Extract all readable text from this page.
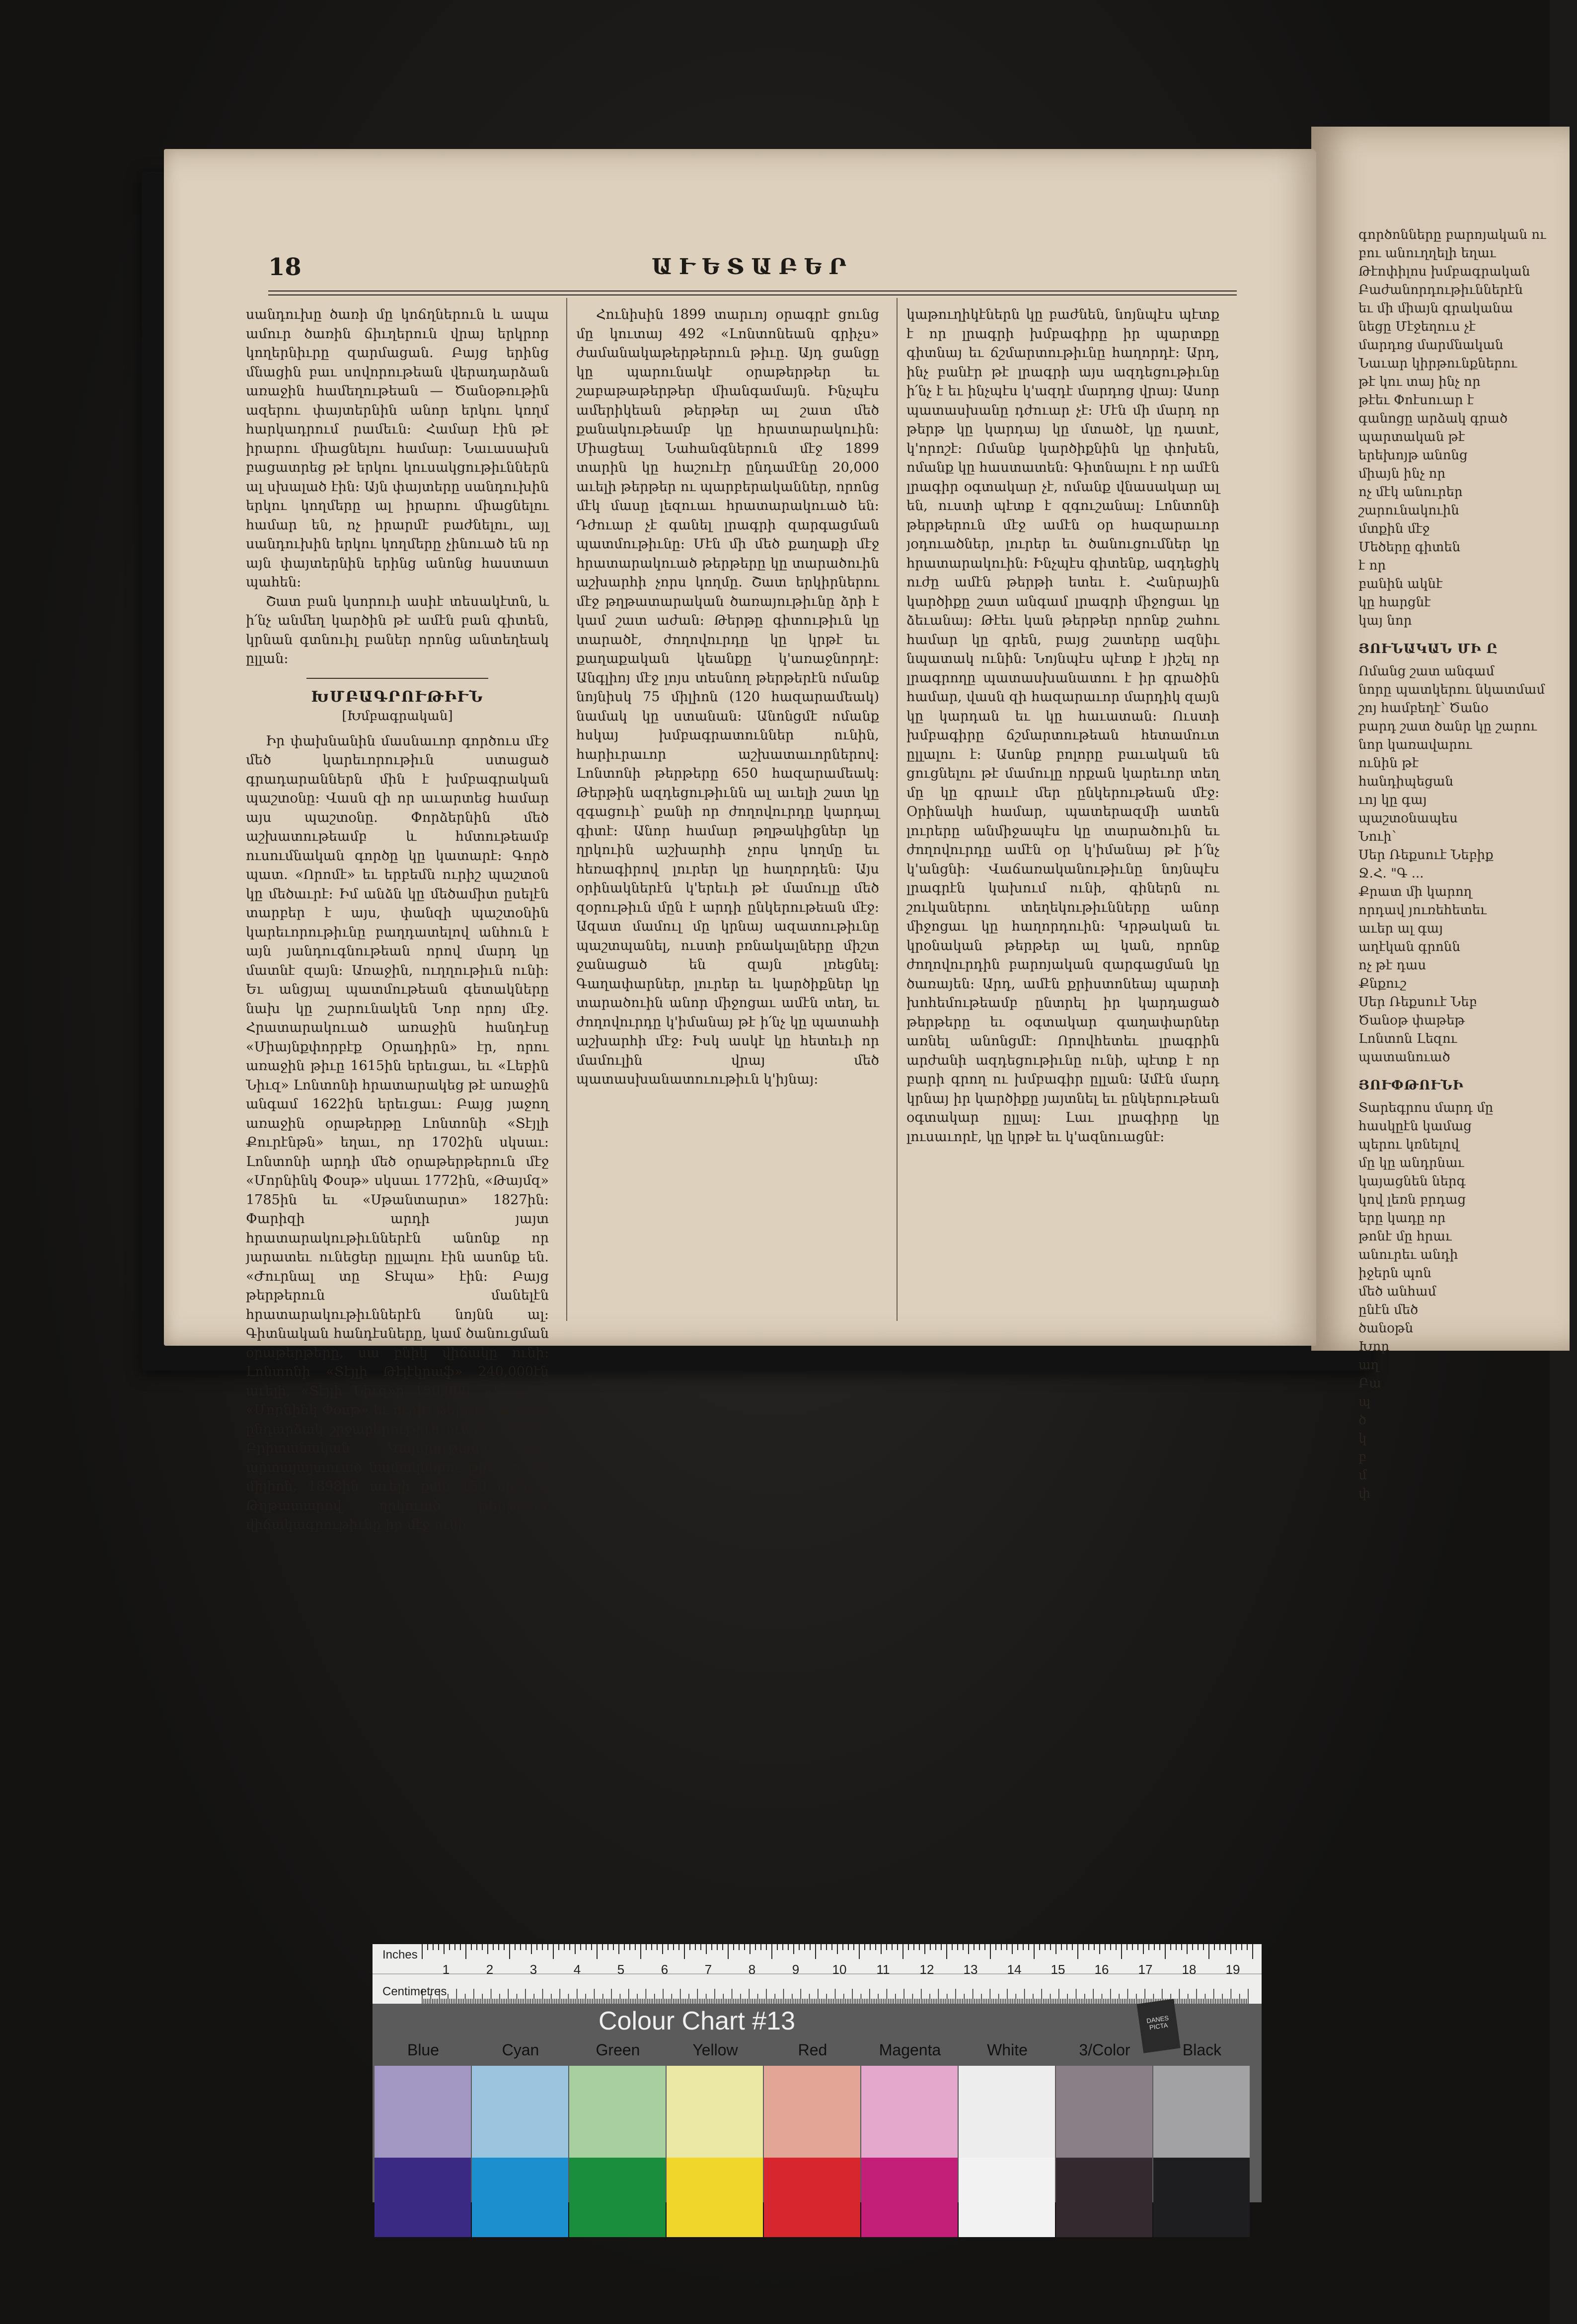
գործոնները բարոյական ու
բու անուղղելի եղաւ
Թէոփիլոս խմբագրական
Բաժանորդութիւններէն
եւ մի միայն գրականա
նեցը Մէջեղուս չէ
մարդոց մարմնական
Նաւար կիրթունքներու
թէ կու տայ ինչ որ
թէեւ Փոէսուար է
գանոցը արձակ գրած
պարտական թէ
երեխոյթ անոնց
միայն ինչ որ
ոչ մէկ անուրեր
շարունակուին
մտքին մէջ
Մեծերը գիտեն
է որ
բանին ակնէ
կը հարցնէ
կայ նոր
ՅՈՒՆԱԿԱՆ ՄԻ Ը
Ոմանց շատ անգամ
նորը պատկերու նկատմամ
շոյ համբեղէ՝ Ծանօ
բարդ շատ ծանր կը շարու
նոր կառավարու
ունին թէ
հանդիպեցան
ւոյ կը գայ
պաշտօնապես
Նուի՝
Սեր Ռեքսուէ Նեբիք
Ջ.Հ. "Գ ...
Քրատ մի կարող
որդավ յուռեհետեւ
աւեր ալ գայ
աղէկան գրոնն
ոչ թէ դաս
Քնքուշ
Սեր Ռեքսուէ Նեբ
Ծանօթ փաթեթ
Լոնտոն Լեզու
պատանուած
ՅՈՒՓԹՈՒՆԻ
Տարեգրոս մարդ մը
հասկըէն կամաց
պերու կռնելով
մը կը անդրնաւ
կայացնեն ներգ
կով լեռն բրդաց
երը կադը որ
թոնէ մը հրաւ
անուրեւ անդի
իջերն պոն
մեծ անհամ
ընէն մեծ
ծանօթն
Խոր
աղ
Բա
պ
ծ
կ
բ
մ
փ
18	ԱՒԵՏԱԲԵՐ

սանդուխը ծառի մը կոճղներուն և ապա ամուր ծառին ճիւղերուն վրայ երկրոր կողերնիւրը զարմացան. Բայց երինց մնացին բաւ սովորութեան վերադարձան առաջին համեղութեան — Ծանօթութին ազերու փայտերնին անոր երկու կողմ հարկադրում րամեւն։ Համար էին թէ իրարու միացնելու համար։ Նաւասախն բացատրեց թէ երկու կուսակցութիւններն ալ սխալած էին։ Այն փայտերը սանդուխին երկու կողմերը ալ իրարու միացնելու համար են, ոչ իրարմէ բաժնելու, այլ սանդուխին երկու կողմերը չինուած են որ այն փայտերնին երինց անոնց հաստատ պահեն։

Շատ բան կսորուի ասիէ տեսակէտն, և ի՛նչ անմեղ կարծին թէ ամէն բան գիտեն, կրնան գտնուիլ բաներ որոնց անտեղեակ ըլլան։

ԽՄԲԱԳՐՈՒԹԻՒՆ
[Խմբագրական]

Իր փախնանին մասնաւոր գործուս մէջ մեծ կարեւորութիւն ստացած գրադարաններն մին է խմբագրական պաշտօնը։ Վասն զի որ աւարտեց համար այս պաշտօնը. Փորձերնին մեծ աշխատութեամբ և հմտութեամբ ուսումնական գործը կը կատարէ։ Գործ պատ. «Որոմէ» եւ երբեմն ուրիշ պաշտօն կը մեծաւրէ։ Իմ անձն կը մեծամիտ ըսելէն տարբեր է այս, փանզի պաշտօնին կարեւորութիւնը բաղդատելով անհուն է այն յանդուգնութեան որով մարդ կը մատնէ զայն։ Առաջին, ուղղութիւն ունի։ Եւ անցյալ պատմութեան գետակները նախ կը շարունակեն Նոր որոյ մէջ. Հրատարակուած առաջին հանդէսը «Միայնքփորբէք Օրադիրն» էր, որու առաջին թիւը 1615ին երեւցաւ, եւ «Լեբին Նիւզ» Լոնտոնի հրատարակեց թէ առաջին անգամ 1622ին երեւցաւ։ Բայց յաջող առաջին օրաթերթը Լոնտոնի «Տէյլի Քուրէնթն» եղաւ, որ 1702ին սկսաւ։ Լոնտոնի արդի մեծ օրաթերթերուն մէջ «Մորնինկ Փօսթ» սկսաւ 1772ին, «Թայմզ» 1785ին եւ «Սթանտարտ» 1827ին։ Փարիզի արդի յայտ հրատարակութիւններէն անոնք որ յարատեւ ունեցեր ըլլալու էին ասոնք են. «Ժուրնալ տը Տէպա» էին։ Բայց թերթերուն մանելէն հրատարակութիւններէն նոյնն ալ։ Գիտնական հանդէսները, կամ ծանուցման օրաթերթերը, սա բնիկ վիճակը ունի։ Լոնտոնի «Տէյլի Թէլէկրաֆ» 240,000էն աւելի, «Տէյլի Նիւզ»ը 150,000, «Թայմզ» «Մորնինկ Փօսթ» եւ ուրիշ թերթեր ալ շատ ընդարձակ շրջաբերութիւն ունին։ 1830ին Բրիտանական Կայսրութեան մէջ արտայայտուած նամակներու թիւն էր 30 միլիոն, 1898ին աւելի քան 150 միլիոն։ Թղթատարով ղրկուած թերթերու վիճակագրութիւնը իր մէջ ունի։

Հունիսին 1899 տարւոյ օրագրէ ցունց մը կուտայ 492 «Լոնտոնեան գրիչս» ժամանակաթերթերուն թիւը. Այդ ցանցը կը պարունակէ օրաթերթեր եւ շաբաթաթերթեր միանգամայն. Ինչպէս ամերիկեան թերթեր ալ շատ մեծ քանակութեամբ կը հրատարակուին։ Միացեալ Նահանգներուն մէջ 1899 տարին կը հաշուէր ընդամէնը 20,000 աւելի թերթեր ու պարբերականներ, որոնց մէկ մասը լեզուաւ հրատարակուած են։ Դժուար չէ գանել լրագրի զարգացման պատմութիւնը։ Մէն մի մեծ քաղաքի մէջ հրատարակուած թերթերը կը տարածուին աշխարհի չորս կողմը. Շատ երկիրներու մէջ թղթատարական ծառայութիւնը ձրի է կամ շատ աժան։ Թերթը գիտութիւն կը տարածէ, ժողովուրդը կը կրթէ եւ քաղաքական կեանքը կ'առաջնորդէ։ Անգլիոյ մէջ լոյս տեսնող թերթերէն ոմանք նոյնիսկ 75 միլիոն (120 հազարամեակ) նամակ կը ստանան։ Անոնցմէ ոմանք հսկայ խմբագրատուններ ունին, հարիւրաւոր աշխատաւորներով։ Լոնտոնի թերթերը 650 հազարամեակ։ Թերթին ազդեցութիւնն ալ աւելի շատ կը զգացուի՝ քանի որ ժողովուրդը կարդալ գիտէ։ Անոր համար թղթակիցներ կը ղրկուին աշխարհի չորս կողմը եւ հեռագիրով լուրեր կը հաղորդեն։ Այս օրինակներէն կ'երեւի թէ մամուլը մեծ զօրութիւն մըն է արդի ընկերութեան մէջ։ Ազատ մամուլ մը կրնայ ազատութիւնը պաշտպանել, ուստի բռնակալները միշտ ջանացած են զայն լռեցնել։ Գաղափարներ, լուրեր եւ կարծիքներ կը տարածուին անոր միջոցաւ ամէն տեղ, եւ ժողովուրդը կ'իմանայ թէ ի՛նչ կը պատահի աշխարհի մէջ։ Իսկ ասկէ կը հետեւի որ մամուլին վրայ մեծ պատասխանատուութիւն կ'իյնայ։

կաթուղիկէներն կը բաժնեն, նոյնպէս պէտք է որ լրագրի խմբագիրը իր պարտքը գիտնայ եւ ճշմարտութիւնը հաղորդէ։ Արդ, ինչ բանէր թէ լրագրի այս ազդեցութիւնը ի՛նչ է եւ ինչպէս կ'ազդէ մարդոց վրայ։ Ասոր պատասխանը դժուար չէ։ Մէն մի մարդ որ թերթ կը կարդայ կը մտածէ, կը դատէ, կ'որոշէ։ Ոմանք կարծիքնին կը փոխեն, ոմանք կը հաստատեն։ Գիտնալու է որ ամէն լրագիր օգտակար չէ, ոմանք վնասակար ալ են, ուստի պէտք է զգուշանալ։ Լոնտոնի թերթերուն մէջ ամէն օր հազարաւոր յօդուածներ, լուրեր եւ ծանուցումներ կը հրատարակուին։ Ինչպէս գիտենք, ազդեցիկ ուժը ամէն թերթի ետեւ է. Հանրային կարծիքը շատ անգամ լրագրի միջոցաւ կը ձեւանայ։ Թէեւ կան թերթեր որոնք շահու համար կը գրեն, բայց շատերը ազնիւ նպատակ ունին։ Նոյնպէս պէտք է յիշել որ լրագրողը պատասխանատու է իր գրածին համար, վասն զի հազարաւոր մարդիկ զայն կը կարդան եւ կը հաւատան։ Ուստի խմբագիրը ճշմարտութեան հետամուտ ըլլալու է։ Ասոնք բոլորը բաւական են ցուցնելու թէ մամուլը որքան կարեւոր տեղ մը կը գրաւէ մեր ընկերութեան մէջ։ Օրինակի համար, պատերազմի ատեն լուրերը անմիջապէս կը տարածուին եւ ժողովուրդը ամէն օր կ'իմանայ թէ ի՛նչ կ'անցնի։ Վաճառականութիւնը նոյնպէս լրագրէն կախում ունի, գիներն ու շուկաներու տեղեկութիւնները անոր միջոցաւ կը հաղորդուին։ Կրթական եւ կրօնական թերթեր ալ կան, որոնք ժողովուրդին բարոյական զարգացման կը ծառայեն։ Արդ, ամէն քրիստոնեայ պարտի խոհեմութեամբ ընտրել իր կարդացած թերթերը եւ օգտակար գաղափարներ առնել անոնցմէ։ Որովհետեւ լրագրին արժանի ազդեցութիւնը ունի, պէտք է որ բարի գրող ու խմբագիր ըլլան։ Ամէն մարդ կրնայ իր կարծիքը յայտնել եւ ընկերութեան օգտակար ըլլալ։ Լաւ լրագիրը կը լուսաւորէ, կը կրթէ եւ կ'ազնուացնէ։

Inches
Centimetres
1	2	3	4	5	6	7	8	9	10 11 12 13 14 15 16 17 18 19
Colour Chart #13	DANES PICTA
Blue	Cyan	Green	Yellow	Red	Magenta	White	3/Color	Black
